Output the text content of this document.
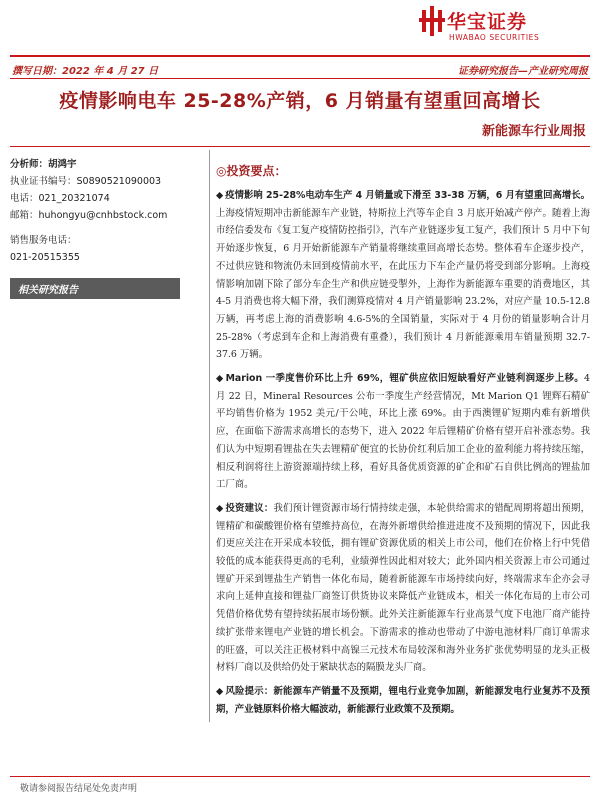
华宝证券
HWABAO SECURITIES
撰写日期：2022 年 4 月 27 日	证券研究报告—产业研究周报
疫情影响电车 25-28%产销，6 月销量有望重回高增长
新能源车行业周报
分析师：胡鸿宇
执业证书编号：S0890521090003
电话：021_20321074
邮箱：huhongyu@cnhbstock.com
销售服务电话：
021-20515355
相关研究报告
◎投资要点：
◆ 疫情影响 25-28%电动车生产 4 月销量或下滑至 33-38 万辆，6 月有望重回高增长。上海疫情短期冲击新能源车产业链，特斯拉上汽等车企自 3 月底开始减产停产。随着上海市经信委发布《复工复产疫情防控指引》，汽车产业链逐步复工复产，我们预计 5 月中下旬开始逐步恢复，6 月开始新能源车产销量将继续重回高增长态势。整体看车企逐步投产，不过供应链和物流仍未回到疫情前水平，在此压力下车企产量仍将受到部分影响。上海疫情影响加剧下除了部分车企生产和供应链受掣外，上海作为新能源车重要的消费地区，其 4-5 月消费也将大幅下滑，我们测算疫情对 4 月产销量影响 23.2%，对应产量 10.5-12.8 万辆，再考虑上海的消费影响 4.6-5%的全国销量，实际对于 4 月份的销量影响合计月 25-28%（考虑到车企和上海消费有重叠），我们预计 4 月新能源乘用车销量预期 32.7-37.6 万辆。
◆ Marion 一季度售价环比上升 69%，锂矿供应依旧短缺看好产业链利润逐步上移。4 月 22 日，Mineral Resources 公布一季度生产经营情况，Mt Marion Q1 锂辉石精矿平均销售价格为 1952 美元/干公吨，环比上涨 69%。由于西澳锂矿短期内难有新增供应，在面临下游需求高增长的态势下，进入 2022 年后锂精矿价格有望开启补涨态势。我们认为中短期看锂盐在失去锂精矿便宜的长协价红利后加工企业的盈利能力将持续压缩，相反利润将往上游资源端持续上移，看好具备优质资源的矿企和矿石自供比例高的锂盐加工厂商。
◆ 投资建议：我们预计锂资源市场行情持续走强，本轮供给需求的错配周期将超出预期，锂精矿和碳酸锂价格有望维持高位，在海外新增供给推进进度不及预期的情况下，因此我们更应关注在开采成本较低，拥有锂矿资源优质的相关上市公司，他们在价格上行中凭借较低的成本能获得更高的毛利，业绩弹性因此相对较大；此外国内相关资源上市公司通过锂矿开采到锂盐生产销售一体化布局，随着新能源车市场持续向好，终端需求车企亦会寻求向上延伸直接和锂盐厂商签订供货协议来降低产业链成本，相关一体化布局的上市公司凭借价格优势有望持续拓展市场份额。此外关注新能源车行业高景气度下电池厂商产能持续扩张带来锂电产业链的增长机会。下游需求的推动也带动了中游电池材料厂商订单需求的旺盛，可以关注正极材料中高镍三元技术布局较深和海外业务扩张优势明显的龙头正极材料厂商以及供给仍处于紧缺状态的隔膜龙头厂商。
◆ 风险提示：新能源车产销量不及预期，锂电行业竞争加剧，新能源发电行业复苏不及预期，产业链原料价格大幅波动，新能源行业政策不及预期。
敬请参阅报告结尾处免责声明
